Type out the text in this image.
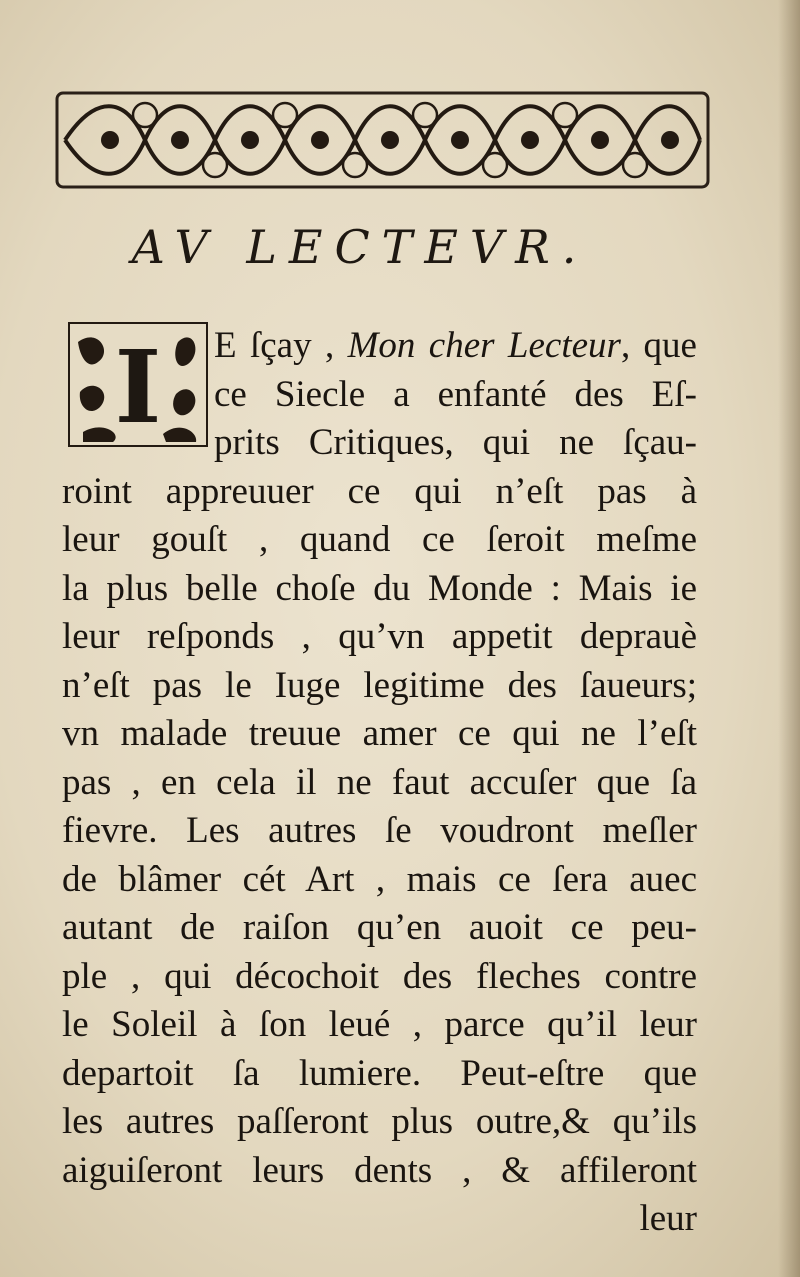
AV LECTEVR.
I	E ſçay , Mon cher Lecteur, que
ce Siecle a enfanté des Eſ-
prits Critiques, qui ne ſçau-
roint appreuuer ce qui n’eſt pas à
leur gouſt , quand ce ſeroit meſme
la plus belle choſe du Monde : Mais ie
leur reſponds , qu’vn appetit deprauè
n’eſt pas le Iuge legitime des ſaueurs;
vn malade treuue amer ce qui ne l’eſt
pas , en cela il ne faut accuſer que ſa
fievre. Les autres ſe voudront meſler
de blâmer cét Art , mais ce ſera auec
autant de raiſon qu’en auoit ce peu-
ple , qui décochoit des fleches contre
le Soleil à ſon leué , parce qu’il leur
departoit ſa lumiere. Peut-eſtre que
les autres paſſeront plus outre,& qu’ils
aiguiſeront leurs dents , & affileront
leur
